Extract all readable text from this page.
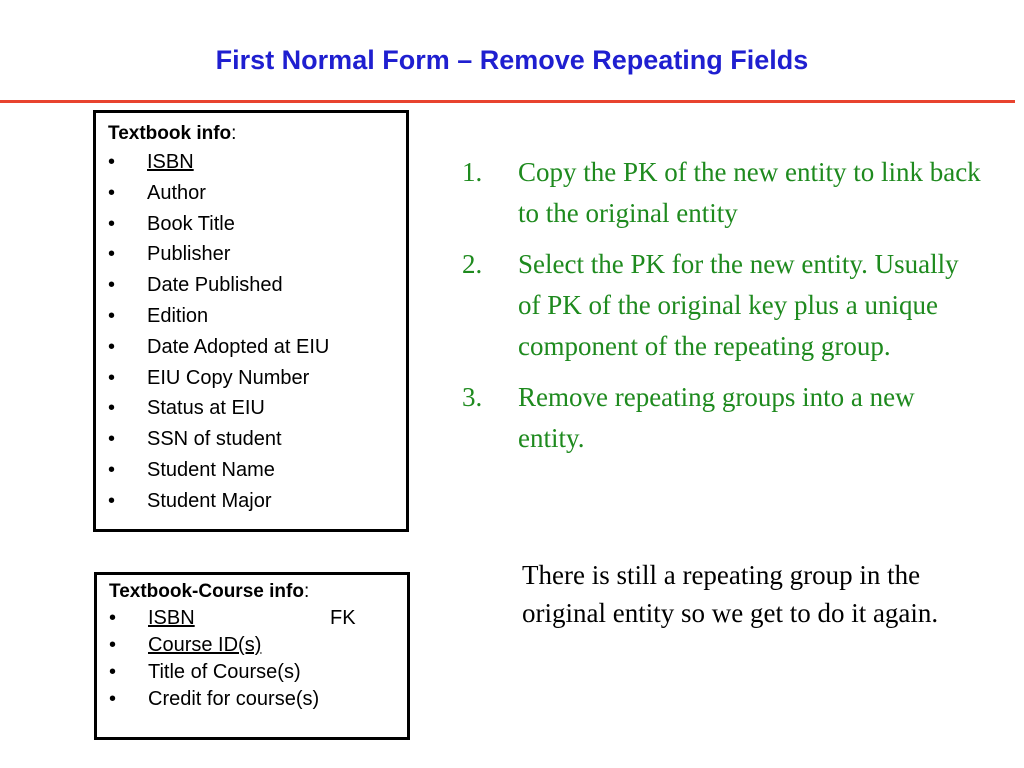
First Normal Form – Remove Repeating Fields
Textbook info:
• ISBN
• Author
• Book Title
• Publisher
• Date Published
• Edition
• Date Adopted at EIU
• EIU Copy Number
• Status at EIU
• SSN of student
• Student Name
• Student Major
Textbook-Course info:
• ISBN	FK
• Course ID(s)
• Title of Course(s)
• Credit for course(s)
1. Copy the PK of the new entity to link back to the original entity
2. Select the PK for the new entity. Usually of PK of the original key plus a unique component of the repeating group.
3. Remove repeating groups into a new entity.
There is still a repeating group in the original entity so we get to do it again.
